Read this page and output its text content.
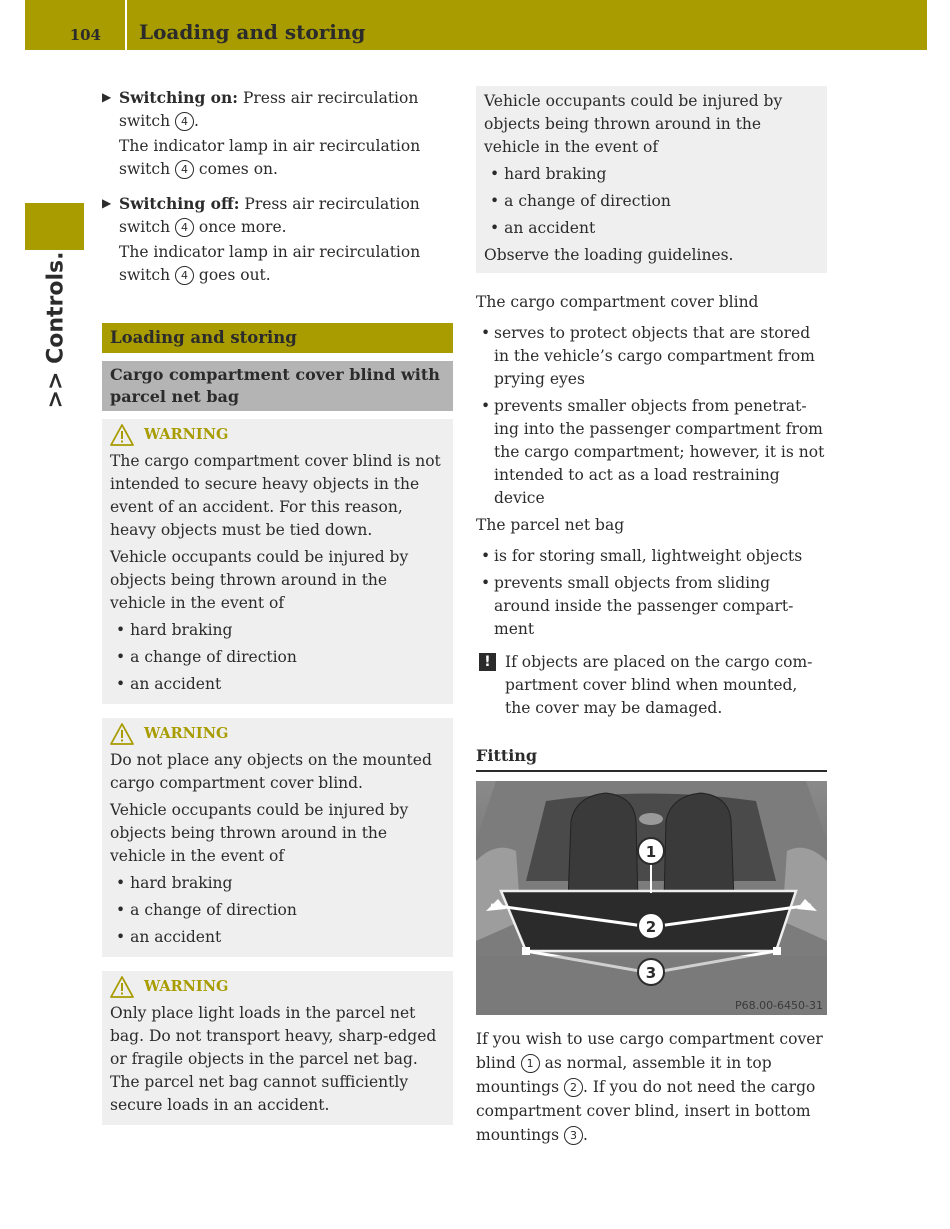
104 Loading and storing
>> Controls.
▶ Switching on: Press air recirculation switch 4 .

The indicator lamp in air recirculation switch 4 comes on.

▶ Switching off: Press air recirculation switch 4 once more.

The indicator lamp in air recirculation switch 4 goes out.

Loading and storing
Cargo compartment cover blind with parcel net bag
WARNING

The cargo compartment cover blind is not intended to secure heavy objects in the event of an accident. For this reason, heavy objects must be tied down.

Vehicle occupants could be injured by objects being thrown around in the vehicle in the event of

• hard braking
• a change of direction
• an accident
WARNING

Do not place any objects on the mounted cargo compartment cover blind.

Vehicle occupants could be injured by objects being thrown around in the vehicle in the event of

• hard braking
• a change of direction
• an accident
WARNING

Only place light loads in the parcel net bag. Do not transport heavy, sharp-edged or fragile objects in the parcel net bag. The parcel net bag cannot sufficiently secure loads in an accident.

Vehicle occupants could be injured by objects being thrown around in the vehicle in the event of

• hard braking

• a change of direction

• an accident

Observe the loading guidelines.

The cargo compartment cover blind

• serves to protect objects that are stored in the vehicle’s cargo compartment from prying eyes
• prevents smaller objects from penetrat-ing into the passenger compartment from the cargo compartment; however, it is not intended to act as a load restraining device

The parcel net bag

• is for storing small, lightweight objects
• prevents small objects from sliding around inside the passenger compart-ment
! If objects are placed on the cargo com-partment cover blind when mounted, the cover may be damaged.

Fitting
1
2
3
P68.00-6450-31

If you wish to use cargo compartment cover blind 1 as normal, assemble it in top mountings 2 . If you do not need the cargo compartment cover blind, insert in bottom mountings 3 .
